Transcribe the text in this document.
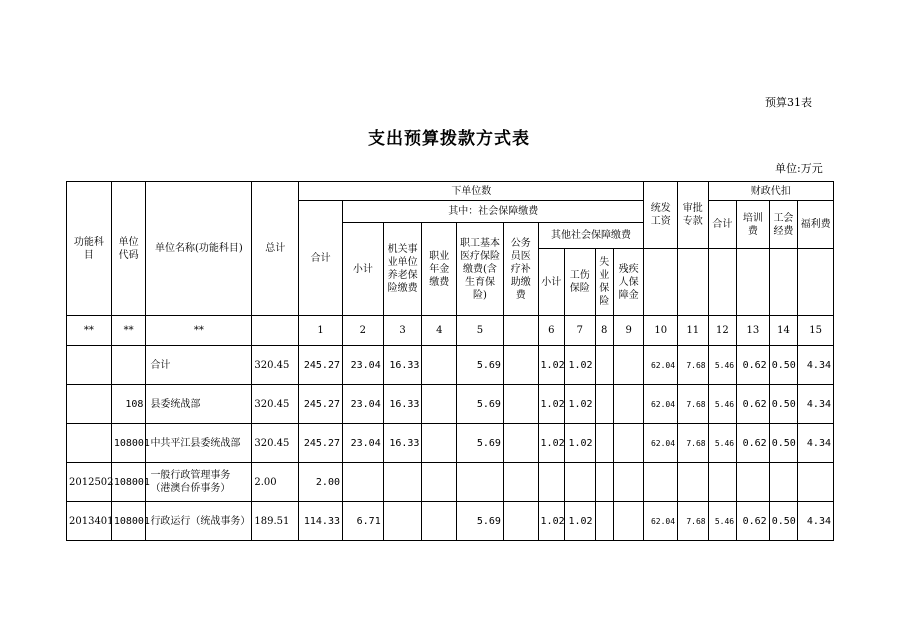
预算31表
支出预算拨款方式表
单位:万元
功能科目	单位代码	单位名称(功能科目)	总计	下单位数										统发工资	审批专款	财政代扣			
				合计	其中：社会保障缴费											合计	培训费	工会经费	福利费
					小计	机关事业单位养老保险缴费	职业年金缴费	职工基本医疗保险缴费(含生育保险)	公务员医疗补助缴费	其他社会保障缴费									
										小计	工伤保险	失业保险	残疾人保障金						
**	**	**		1	2	3	4	5		6	7	8	9	10	11	12	13	14	15
		合计	320.45	245.27	23.04	16.33		5.69		1.02	1.02			62.04	7.68	5.46	0.62	0.50	4.34
	108	县委统战部	320.45	245.27	23.04	16.33		5.69		1.02	1.02			62.04	7.68	5.46	0.62	0.50	4.34
	108001	中共平江县委统战部	320.45	245.27	23.04	16.33		5.69		1.02	1.02			62.04	7.68	5.46	0.62	0.50	4.34
2012502	108001	一般行政管理事务（港澳台侨事务）	2.00	2.00															
2013401	108001	行政运行（统战事务）	189.51	114.33	6.71			5.69		1.02	1.02			62.04	7.68	5.46	0.62	0.50	4.34
